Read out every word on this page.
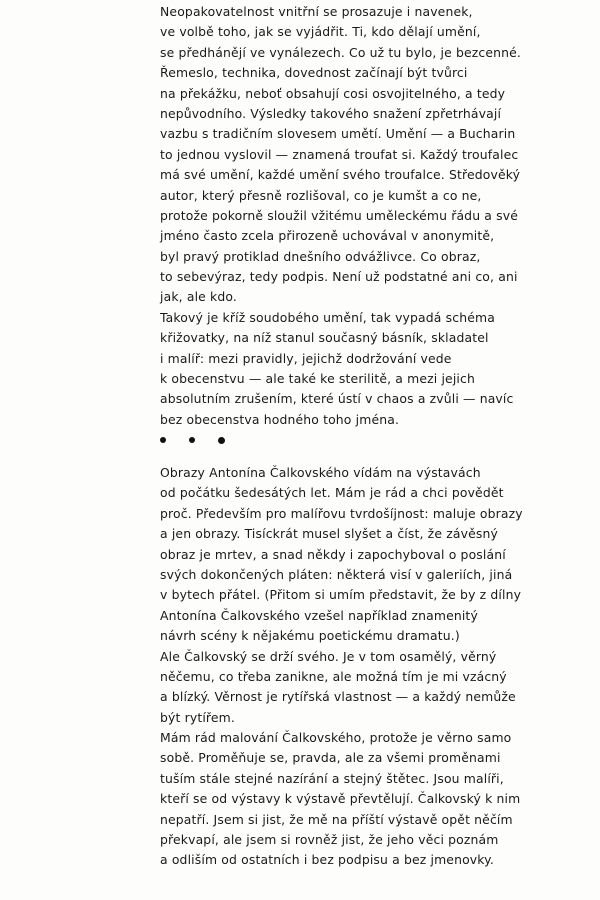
Neopakovatelnost vnitřní se prosazuje i navenek,
ve volbě toho, jak se vyjádřit. Ti, kdo dělají umění,
se předhánějí ve vynálezech. Co už tu bylo, je bezcenné.
Řemeslo, technika, dovednost začínají být tvůrci
na překážku, neboť obsahují cosi osvojitelného, a tedy
nepůvodního. Výsledky takového snažení zpřetrhávají
vazbu s tradičním slovesem umětí. Umění — a Bucharin
to jednou vyslovil — znamená troufat si. Každý troufalec
má své umění, každé umění svého troufalce. Středověký
autor, který přesně rozlišoval, co je kumšt a co ne,
protože pokorně sloužil vžitému uměleckému řádu a své
jméno často zcela přirozeně uchovával v anonymitě,
byl pravý protiklad dnešního odvážlivce. Co obraz,
to sebevýraz, tedy podpis. Není už podstatné ani co, ani
jak, ale kdo.
Takový je kříž soudobého umění, tak vypadá schéma
křižovatky, na níž stanul současný básník, skladatel
i malíř: mezi pravidly, jejichž dodržování vede
k obecenstvu — ale také ke sterilitě, a mezi jejich
absolutním zrušením, které ústí v chaos a zvůli — navíc
bez obecenstva hodného toho jména.
Obrazy Antonína Čalkovského vídám na výstavách
od počátku šedesátých let. Mám je rád a chci povědět
proč. Především pro malířovu tvrdošíjnost: maluje obrazy
a jen obrazy. Tisíckrát musel slyšet a číst, že závěsný
obraz je mrtev, a snad někdy i zapochyboval o poslání
svých dokončených pláten: některá visí v galeriích, jiná
v bytech přátel. (Přitom si umím představit, že by z dílny
Antonína Čalkovského vzešel například znamenitý
návrh scény k nějakému poetickému dramatu.)
Ale Čalkovský se drží svého. Je v tom osamělý, věrný
něčemu, co třeba zanikne, ale možná tím je mi vzácný
a blízký. Věrnost je rytířská vlastnost — a každý nemůže
být rytířem.
Mám rád malování Čalkovského, protože je věrno samo
sobě. Proměňuje se, pravda, ale za všemi proměnami
tuším stále stejné nazírání a stejný štětec. Jsou malíři,
kteří se od výstavy k výstavě převtělují. Čalkovský k nim
nepatří. Jsem si jist, že mě na příští výstavě opět něčím
překvapí, ale jsem si rovněž jist, že jeho věci poznám
a odliším od ostatních i bez podpisu a bez jmenovky.
